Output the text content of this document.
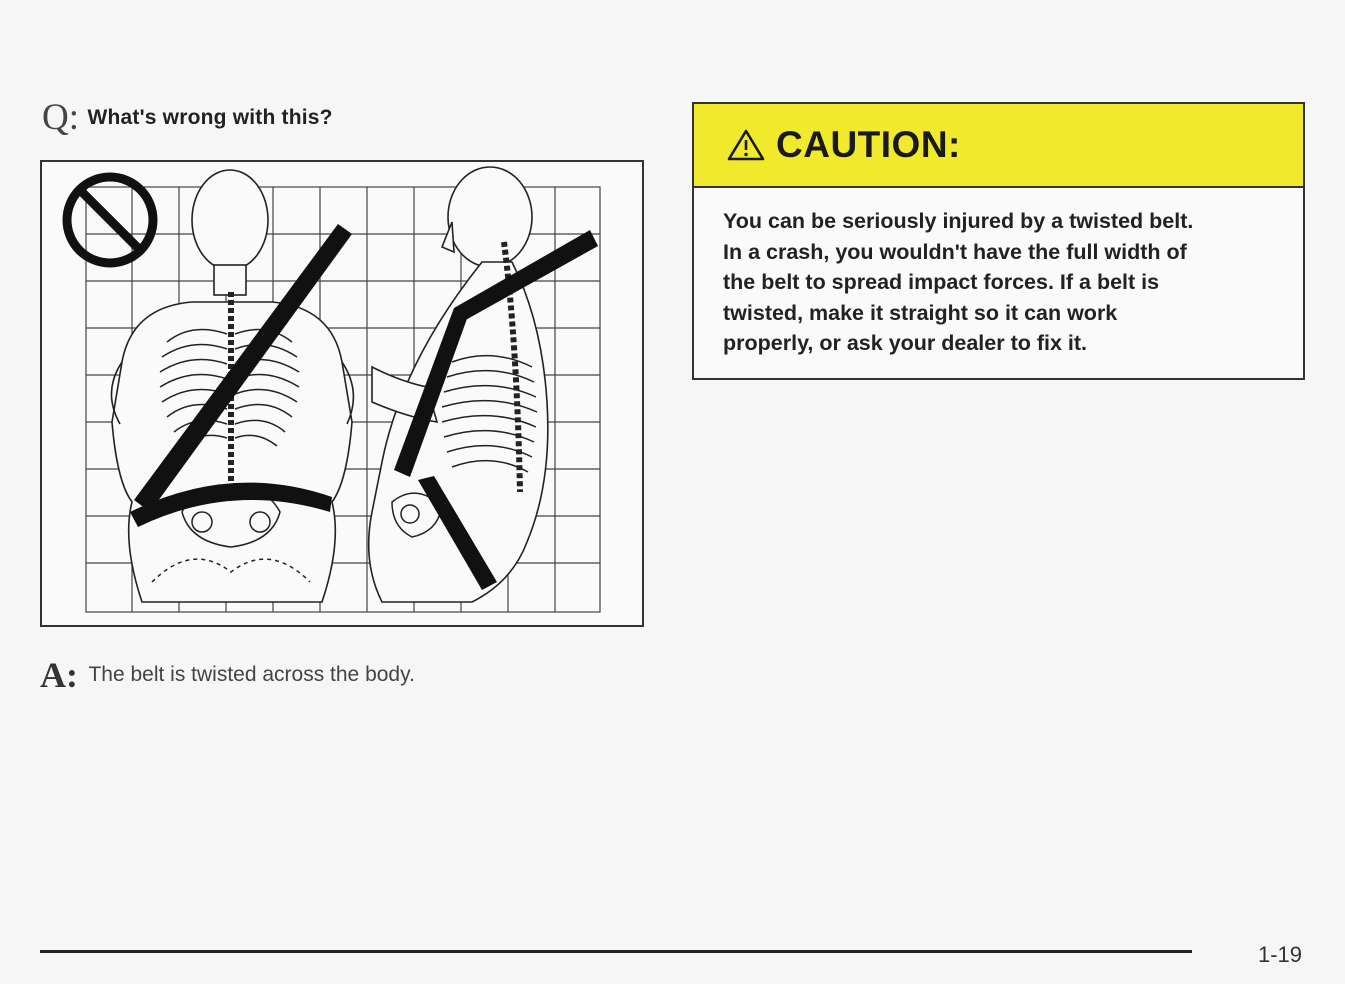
Q: What's wrong with this?
A: The belt is twisted across the body.
CAUTION:
You can be seriously injured by a twisted belt.
In a crash, you wouldn't have the full width of
the belt to spread impact forces. If a belt is
twisted, make it straight so it can work
properly, or ask your dealer to fix it.
1-19
